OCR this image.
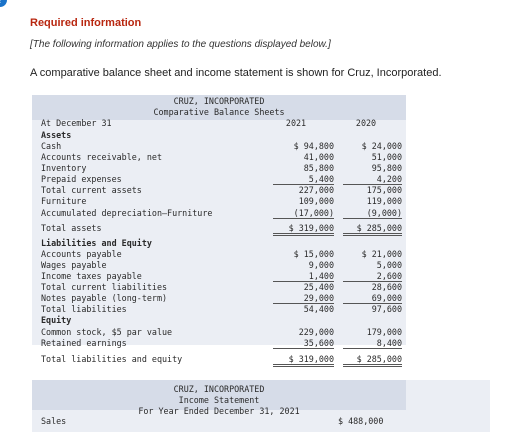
Required information
[The following information applies to the questions displayed below.]
A comparative balance sheet and income statement is shown for Cruz, Incorporated.
CRUZ, INCORPORATED
Comparative Balance Sheets
At December 31	2021	2020
Assets
Cash	$ 94,800	$ 24,000
Accounts receivable, net	41,000	51,000
Inventory	85,800	95,800
Prepaid expenses	5,400	4,200
Total current assets	227,000	175,000
Furniture	109,000	119,000
Accumulated depreciation—Furniture	(17,000)	(9,000)
Total assets	$ 319,000	$ 285,000
Liabilities and Equity
Accounts payable	$ 15,000	$ 21,000
Wages payable	9,000	5,000
Income taxes payable	1,400	2,600
Total current liabilities	25,400	28,600
Notes payable (long-term)	29,000	69,000
Total liabilities	54,400	97,600
Equity
Common stock, $5 par value	229,000	179,000
Retained earnings	35,600	8,400
Total liabilities and equity	$ 319,000	$ 285,000
CRUZ, INCORPORATED
Income Statement
For Year Ended December 31, 2021
Sales	$ 488,000
